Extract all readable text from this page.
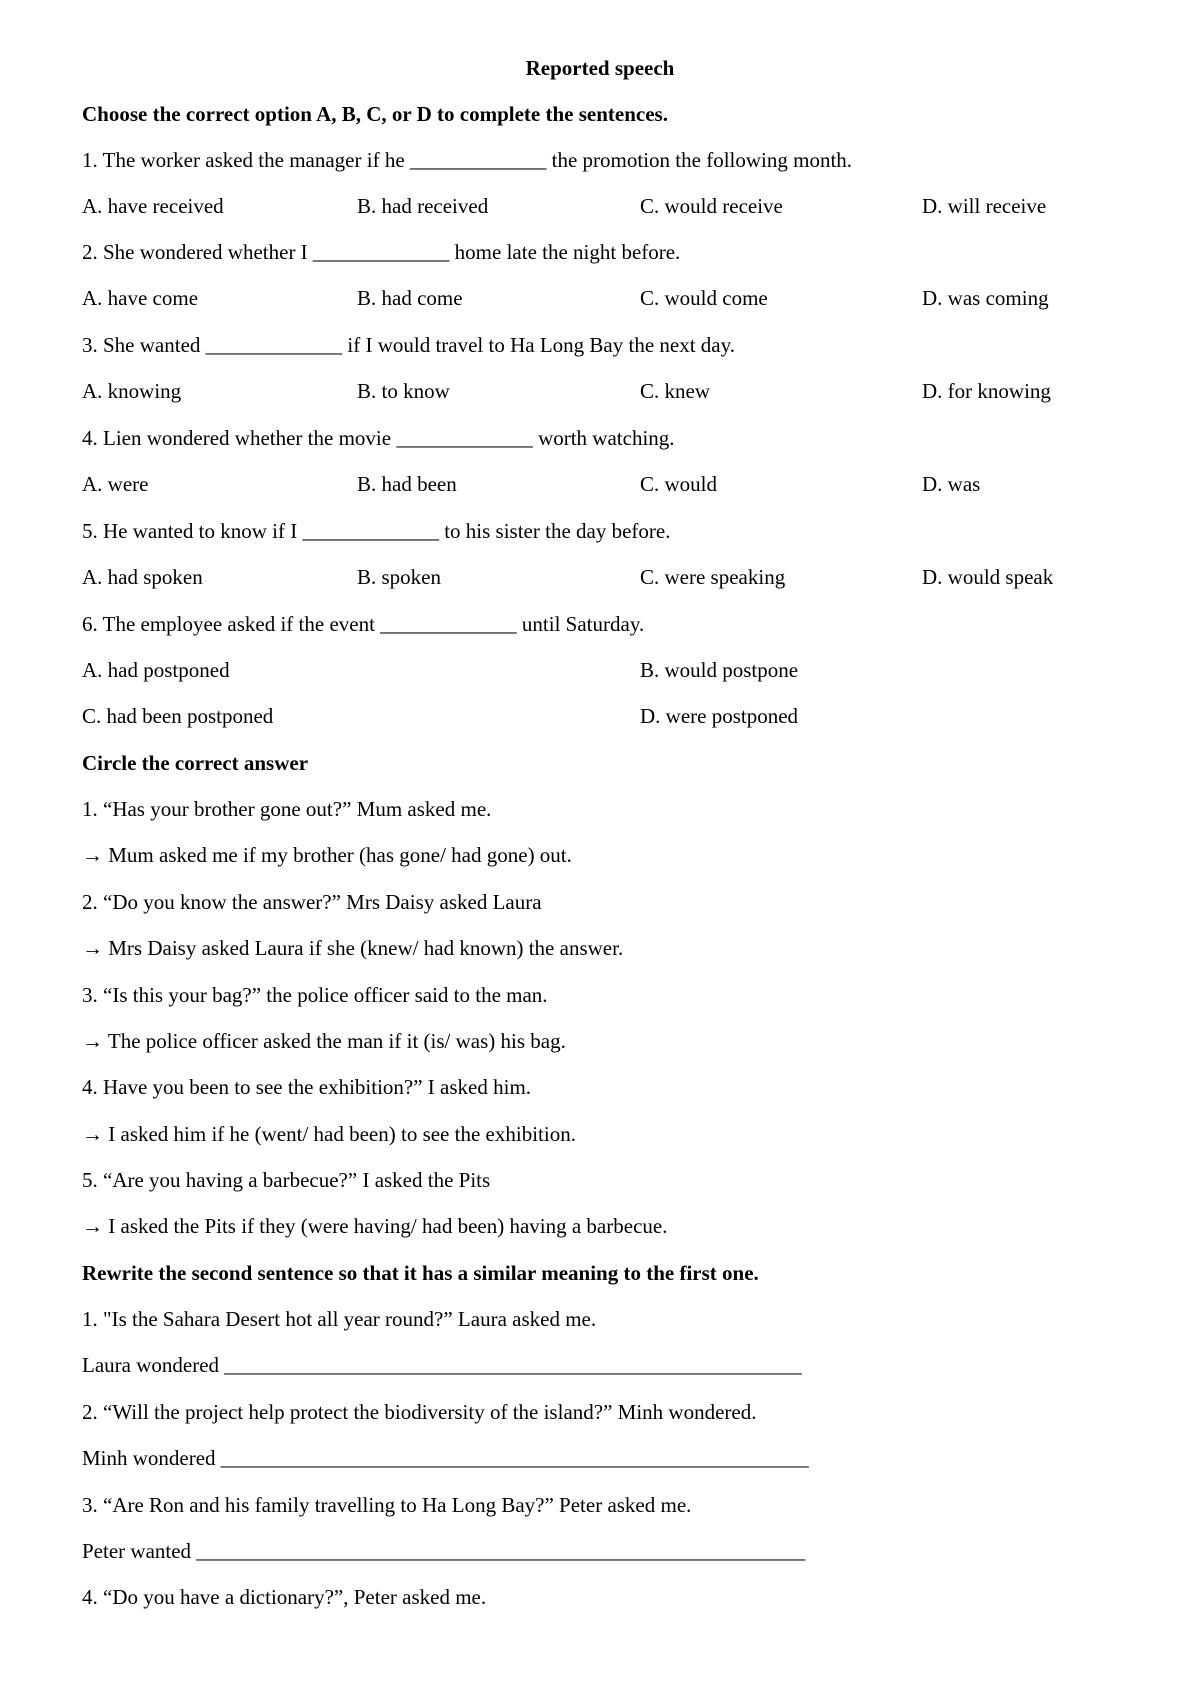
Reported speech
Choose the correct option A, B, C, or D to complete the sentences.
1. The worker asked the manager if he _____________ the promotion the following month.
A. have received	B. had received	C. would receive	D. will receive
2. She wondered whether I _____________ home late the night before.
A. have come	B. had come	C. would come	D. was coming
3. She wanted _____________ if I would travel to Ha Long Bay the next day.
A. knowing	B. to know	C. knew	D. for knowing
4. Lien wondered whether the movie _____________ worth watching.
A. were	B. had been	C. would	D. was
5. He wanted to know if I _____________ to his sister the day before.
A. had spoken	B. spoken	C. were speaking	D. would speak
6. The employee asked if the event _____________ until Saturday.
A. had postponed	B. would postpone
C. had been postponed	D. were postponed
Circle the correct answer
1. “Has your brother gone out?” Mum asked me.
→ Mum asked me if my brother (has gone/ had gone) out.
2. “Do you know the answer?” Mrs Daisy asked Laura
→ Mrs Daisy asked Laura if she (knew/ had known) the answer.
3. “Is this your bag?” the police officer said to the man.
→ The police officer asked the man if it (is/ was) his bag.
4. Have you been to see the exhibition?” I asked him.
→ I asked him if he (went/ had been) to see the exhibition.
5. “Are you having a barbecue?” I asked the Pits
→ I asked the Pits if they (were having/ had been) having a barbecue.
Rewrite the second sentence so that it has a similar meaning to the first one.
1. "Is the Sahara Desert hot all year round?” Laura asked me.
Laura wondered _______________________________________________________
2. “Will the project help protect the biodiversity of the island?” Minh wondered.
Minh wondered ________________________________________________________
3. “Are Ron and his family travelling to Ha Long Bay?” Peter asked me.
Peter wanted __________________________________________________________
4. “Do you have a dictionary?”, Peter asked me.
